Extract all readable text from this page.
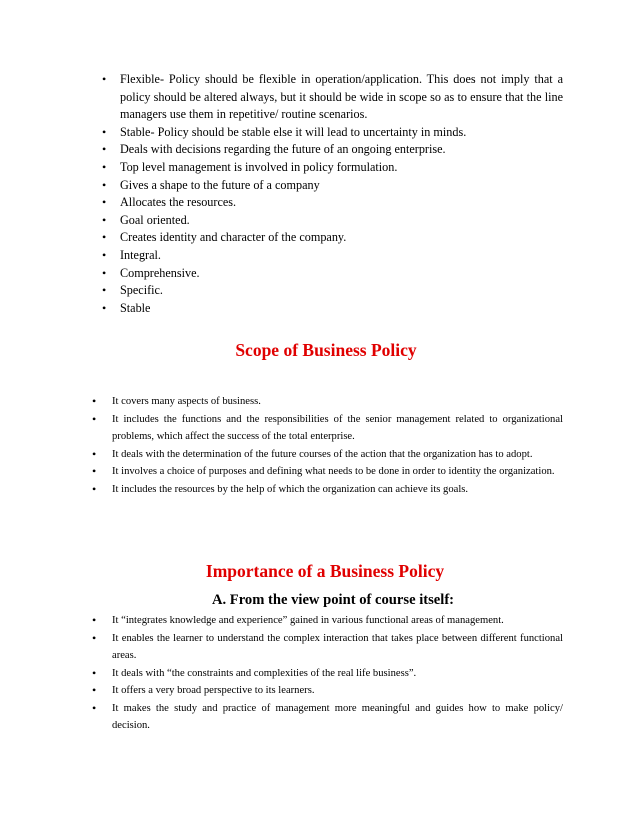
• Flexible- Policy should be flexible in operation/application. This does not imply that a policy should be altered always, but it should be wide in scope so as to ensure that the line managers use them in repetitive/ routine scenarios.
• Stable- Policy should be stable else it will lead to uncertainty in minds.
• Deals with decisions regarding the future of an ongoing enterprise.
• Top level management is involved in policy formulation.
• Gives a shape to the future of a company
• Allocates the resources.
• Goal oriented.
• Creates identity and character of the company.
• Integral.
• Comprehensive.
• Specific.
• Stable
Scope of Business Policy
• It covers many aspects of business.
• It includes the functions and the responsibilities of the senior management related to organizational problems, which affect the success of the total enterprise.
• It deals with the determination of the future courses of the action that the organization has to adopt.
• It involves a choice of purposes and defining what needs to be done in order to identity the organization.
• It includes the resources by the help of which the organization can achieve its goals.
Importance of a Business Policy
A. From the view point of course itself:
• It “integrates knowledge and experience” gained in various functional areas of management.
• It enables the learner to understand the complex interaction that takes place between different functional areas.
• It deals with “the constraints and complexities of the real life business”.
• It offers a very broad perspective to its learners.
• It makes the study and practice of management more meaningful and guides how to make policy/ decision.
